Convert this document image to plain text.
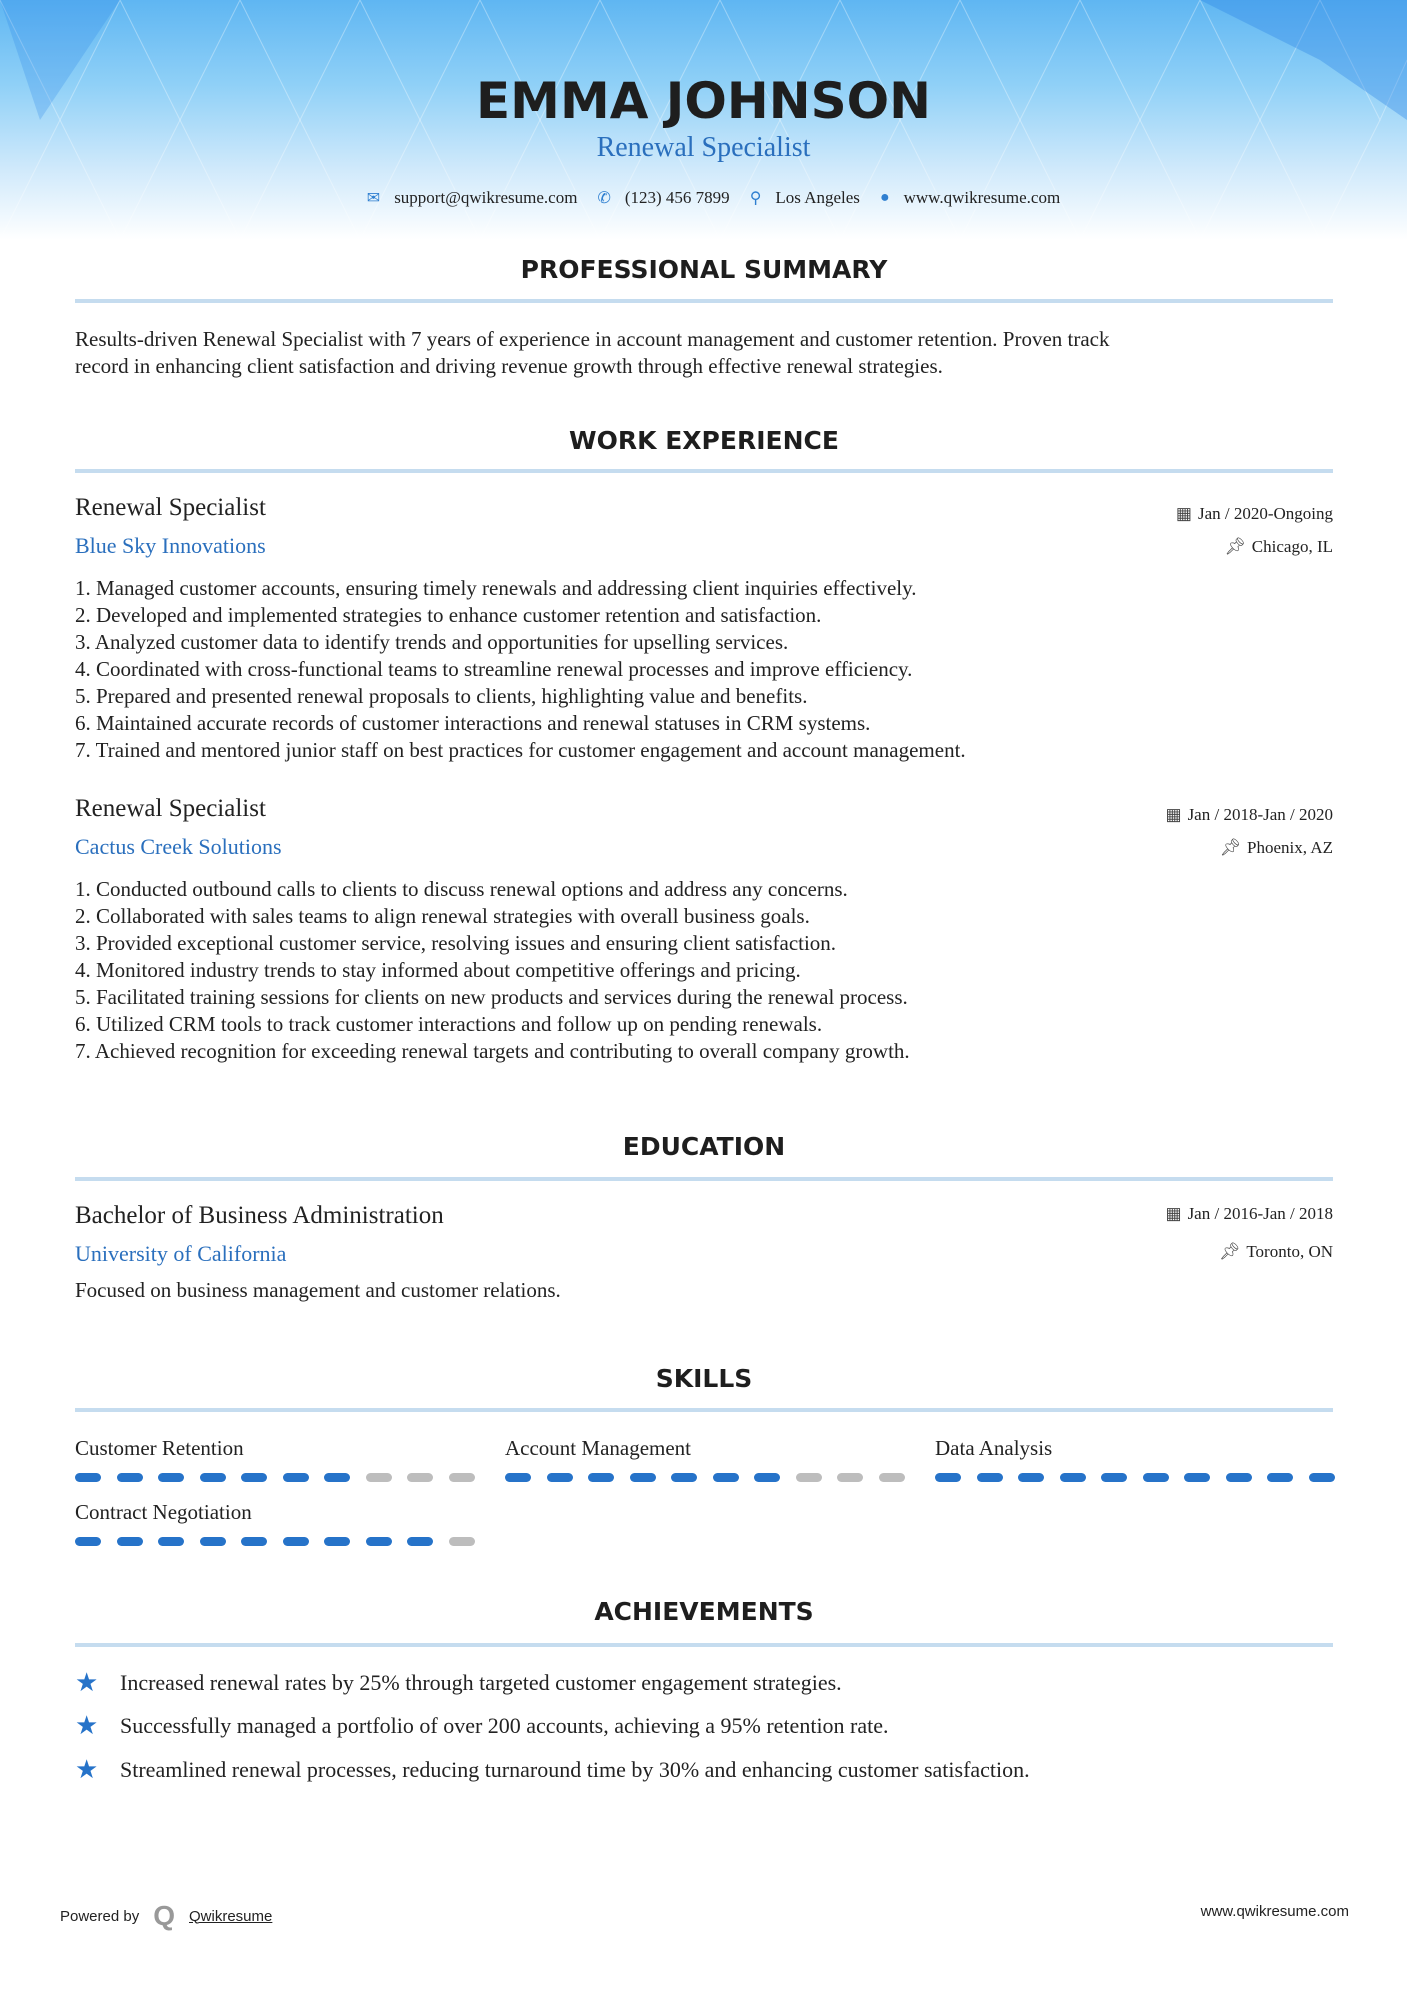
EMMA JOHNSON
Renewal Specialist
✉ support@qwikresume.com ✆ (123) 456 7899 ⚲ Los Angeles ● www.qwikresume.com
PROFESSIONAL SUMMARY
Results-driven Renewal Specialist with 7 years of experience in account management and customer retention. Proven track
record in enhancing client satisfaction and driving revenue growth through effective renewal strategies.
WORK EXPERIENCE
Renewal Specialist	▦ Jan / 2020-Ongoing
Blue Sky Innovations	📌︎ Chicago, IL
1. Managed customer accounts, ensuring timely renewals and addressing client inquiries effectively.
2. Developed and implemented strategies to enhance customer retention and satisfaction.
3. Analyzed customer data to identify trends and opportunities for upselling services.
4. Coordinated with cross-functional teams to streamline renewal processes and improve efficiency.
5. Prepared and presented renewal proposals to clients, highlighting value and benefits.
6. Maintained accurate records of customer interactions and renewal statuses in CRM systems.
7. Trained and mentored junior staff on best practices for customer engagement and account management.
Renewal Specialist	▦ Jan / 2018-Jan / 2020
Cactus Creek Solutions	📌︎ Phoenix, AZ
1. Conducted outbound calls to clients to discuss renewal options and address any concerns.
2. Collaborated with sales teams to align renewal strategies with overall business goals.
3. Provided exceptional customer service, resolving issues and ensuring client satisfaction.
4. Monitored industry trends to stay informed about competitive offerings and pricing.
5. Facilitated training sessions for clients on new products and services during the renewal process.
6. Utilized CRM tools to track customer interactions and follow up on pending renewals.
7. Achieved recognition for exceeding renewal targets and contributing to overall company growth.
EDUCATION
Bachelor of Business Administration	▦ Jan / 2016-Jan / 2018
University of California	📌︎ Toronto, ON
Focused on business management and customer relations.
SKILLS
Customer Retention	Account Management	Data Analysis
Contract Negotiation
ACHIEVEMENTS
★ Increased renewal rates by 25% through targeted customer engagement strategies.
★ Successfully managed a portfolio of over 200 accounts, achieving a 95% retention rate.
★ Streamlined renewal processes, reducing turnaround time by 30% and enhancing customer satisfaction.
Powered by Q Qwikresume	www.qwikresume.com
